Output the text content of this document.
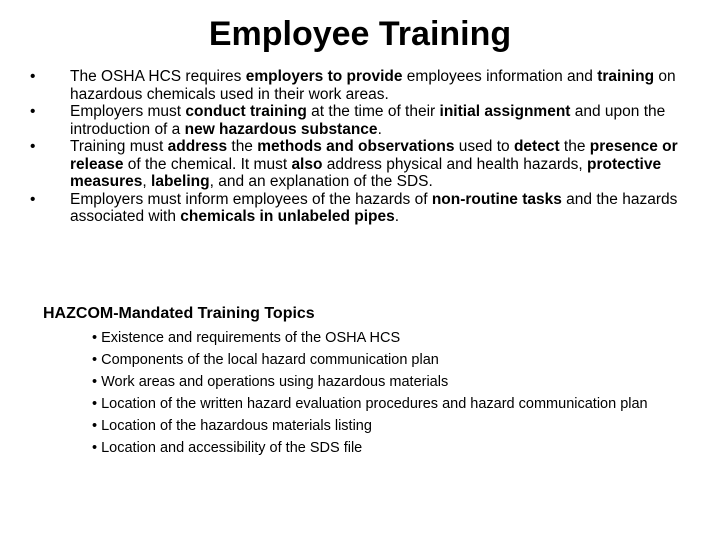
Employee Training
•	The OSHA HCS requires employers to provide employees information and training on hazardous chemicals used in their work areas.
•	Employers must conduct training at the time of their initial assignment and upon the introduction of a new hazardous substance.
•	Training must address the methods and observations used to detect the presence or release of the chemical. It must also address physical and health hazards, protective measures, labeling, and an explanation of the SDS.
•	Employers must inform employees of the hazards of non-routine tasks and the hazards associated with chemicals in unlabeled pipes.
HAZCOM-Mandated Training Topics
• Existence and requirements of the OSHA HCS
• Components of the local hazard communication plan
• Work areas and operations using hazardous materials
• Location of the written hazard evaluation procedures and hazard communication plan
• Location of the hazardous materials listing
• Location and accessibility of the SDS file
